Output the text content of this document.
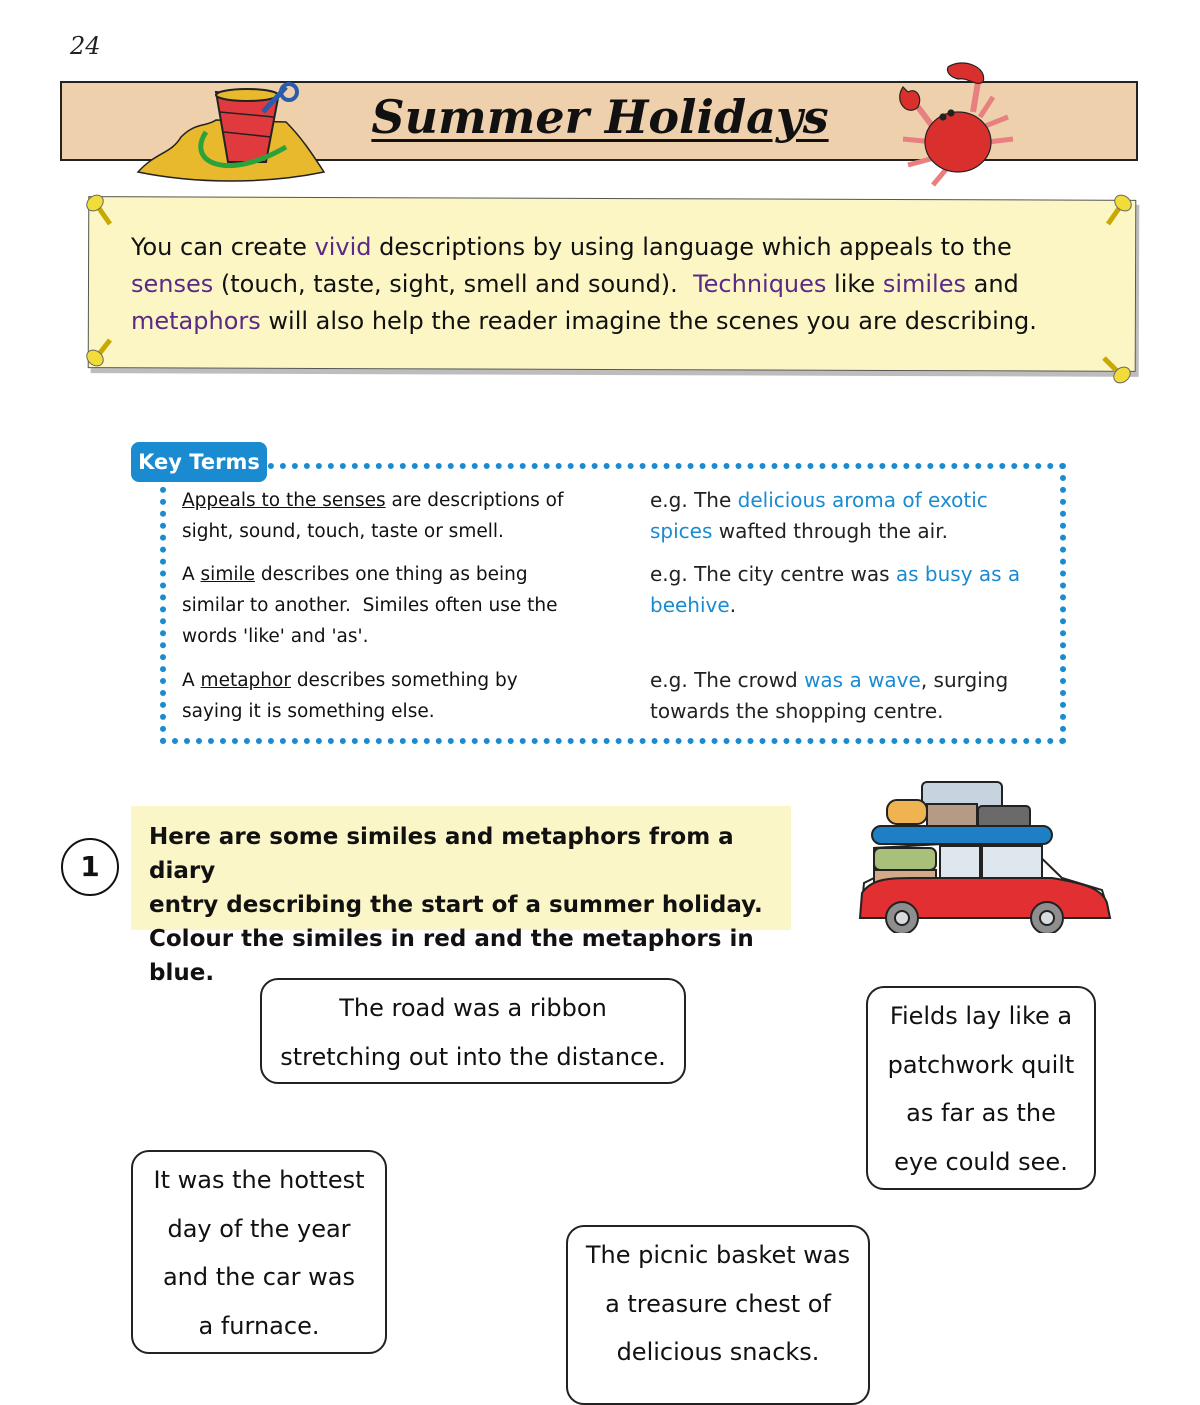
24
Summer Holidays
You can create vivid descriptions by using language which appeals to the
senses (touch, taste, sight, smell and sound).  Techniques like similes and
metaphors will also help the reader imagine the scenes you are describing.
Key Terms
Appeals to the senses are descriptions of
sight, sound, touch, taste or smell.
e.g. The delicious aroma of exotic
spices wafted through the air.
A simile describes one thing as being
similar to another.  Similes often use the
words 'like' and 'as'.
e.g. The city centre was as busy as a
beehive.
A metaphor describes something by
saying it is something else.
e.g. The crowd was a wave, surging
towards the shopping centre.
1
Here are some similes and metaphors from a diary
entry describing the start of a summer holiday.
Colour the similes in red and the metaphors in blue.
The road was a ribbon
stretching out into the distance.
Fields lay like a
patchwork quilt
as far as the
eye could see.
It was the hottest
day of the year
and the car was
a furnace.
The picnic basket was
a treasure chest of
delicious snacks.
